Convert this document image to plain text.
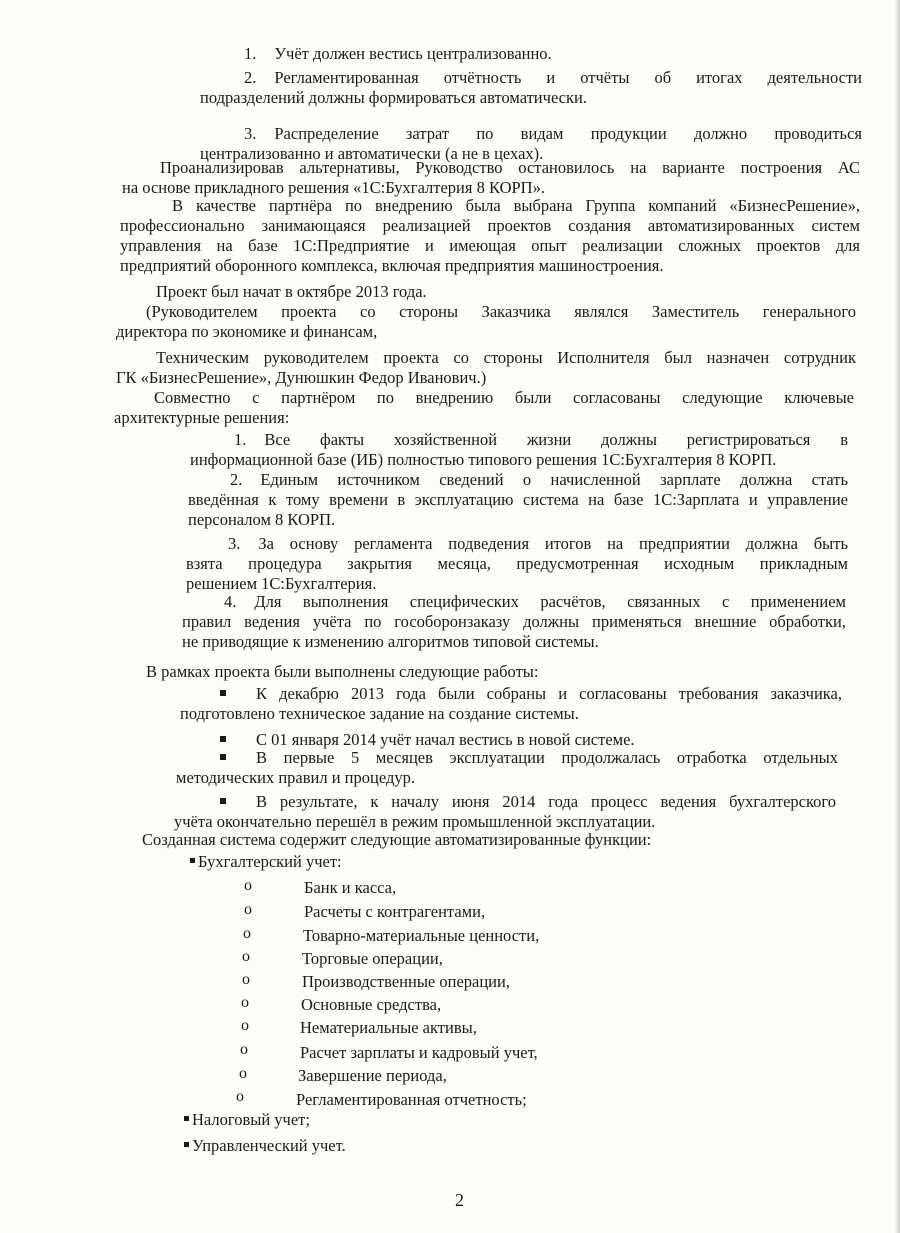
1. Учёт должен вестись централизованно.
2. Регламентированная отчётность и отчёты об итогах деятельности
подразделений должны формироваться автоматически.
3. Распределение затрат по видам продукции должно проводиться
централизованно и автоматически (а не в цехах).
Проанализировав альтернативы, Руководство остановилось на варианте построения АС
на основе прикладного решения «1С:Бухгалтерия 8 КОРП».
В качестве партнёра по внедрению была выбрана Группа компаний «БизнесРешение»,
профессионально занимающаяся реализацией проектов создания автоматизированных систем
управления на базе 1С:Предприятие и имеющая опыт реализации сложных проектов для
предприятий оборонного комплекса, включая предприятия машиностроения.
Проект был начат в октябре 2013 года.
(Руководителем проекта со стороны Заказчика являлся Заместитель генерального
директора по экономике и финансам,
Техническим руководителем проекта со стороны Исполнителя был назначен сотрудник
ГК «БизнесРешение», Дунюшкин Федор Иванович.)
Совместно с партнёром по внедрению были согласованы следующие ключевые
архитектурные решения:
1. Все факты хозяйственной жизни должны регистрироваться в
информационной базе (ИБ) полностью типового решения 1С:Бухгалтерия 8 КОРП.
2. Единым источником сведений о начисленной зарплате должна стать
введённая к тому времени в эксплуатацию система на базе 1С:Зарплата и управление
персоналом 8 КОРП.
3. За основу регламента подведения итогов на предприятии должна быть
взята процедура закрытия месяца, предусмотренная исходным прикладным
решением 1С:Бухгалтерия.
4. Для выполнения специфических расчётов, связанных с применением
правил ведения учёта по гособоронзаказу должны применяться внешние обработки,
не приводящие к изменению алгоритмов типовой системы.
В рамках проекта были выполнены следующие работы:
К декабрю 2013 года были собраны и согласованы требования заказчика,
подготовлено техническое задание на создание системы.
С 01 января 2014 учёт начал вестись в новой системе.
В первые 5 месяцев эксплуатации продолжалась отработка отдельных
методических правил и процедур.
В результате, к началу июня 2014 года процесс ведения бухгалтерского
учёта окончательно перешёл в режим промышленной эксплуатации.
Созданная система содержит следующие автоматизированные функции:
Бухгалтерский учет:
o	Банк и касса,
o	Расчеты с контрагентами,
o	Товарно-материальные ценности,
o	Торговые операции,
o	Производственные операции,
o	Основные средства,
o	Нематериальные активы,
o	Расчет зарплаты и кадровый учет,
o	Завершение периода,
o	Регламентированная отчетность;
Налоговый учет;
Управленческий учет.
2
